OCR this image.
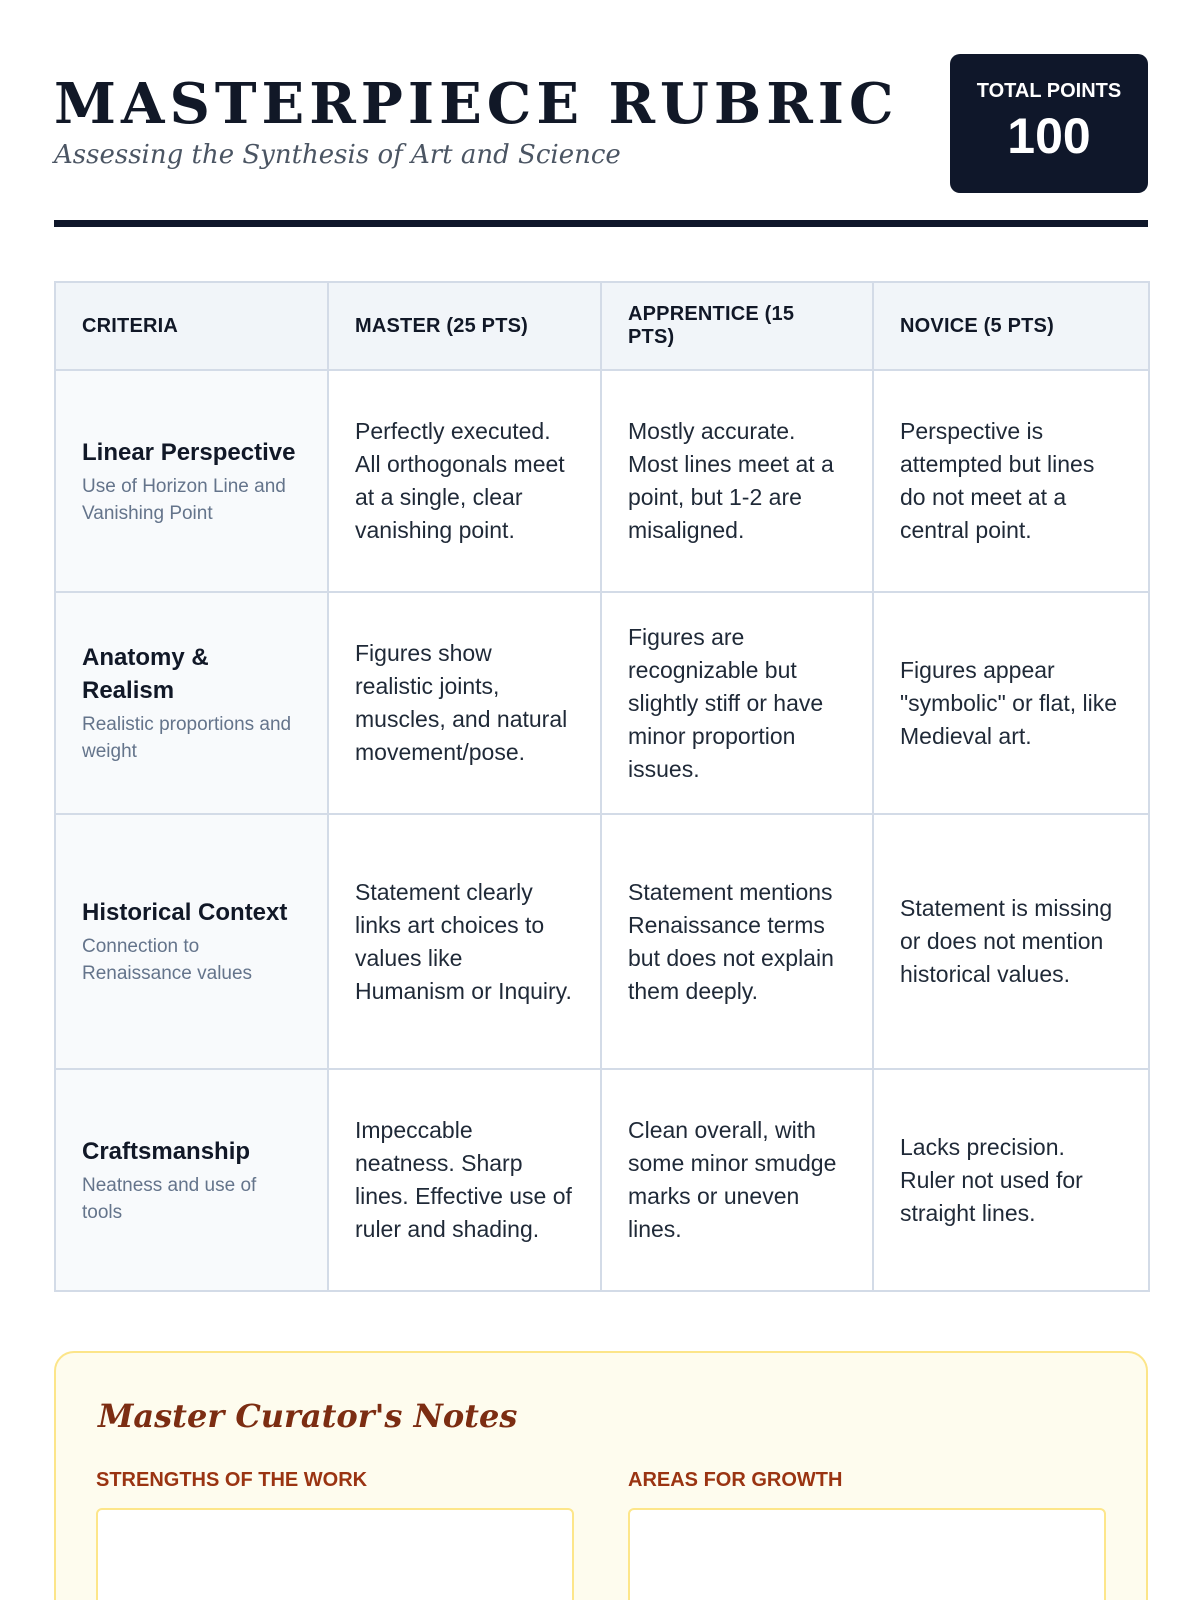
MASTERPIECE RUBRIC

Assessing the Synthesis of Art and Science

TOTAL POINTS
100
CRITERIA	MASTER (25 PTS)	APPRENTICE (15 PTS)	NOVICE (5 PTS)

Linear Perspective
Use of Horizon Line and Vanishing Point	Perfectly executed. All orthogonals meet at a single, clear vanishing point.	Mostly accurate. Most lines meet at a point, but 1-2 are misaligned.	Perspective is attempted but lines do not meet at a central point.

Anatomy & Realism
Realistic proportions and weight	Figures show realistic joints, muscles, and natural movement/pose.	Figures are recognizable but slightly stiff or have minor proportion issues.	Figures appear "symbolic" or flat, like Medieval art.

Historical Context
Connection to Renaissance values	Statement clearly links art choices to values like Humanism or Inquiry.	Statement mentions Renaissance terms but does not explain them deeply.	Statement is missing or does not mention historical values.

Craftsmanship
Neatness and use of tools	Impeccable neatness. Sharp lines. Effective use of ruler and shading.	Clean overall, with some minor smudge marks or uneven lines.	Lacks precision. Ruler not used for straight lines.
Master Curator's Notes
STRENGTHS OF THE WORK	AREAS FOR GROWTH
